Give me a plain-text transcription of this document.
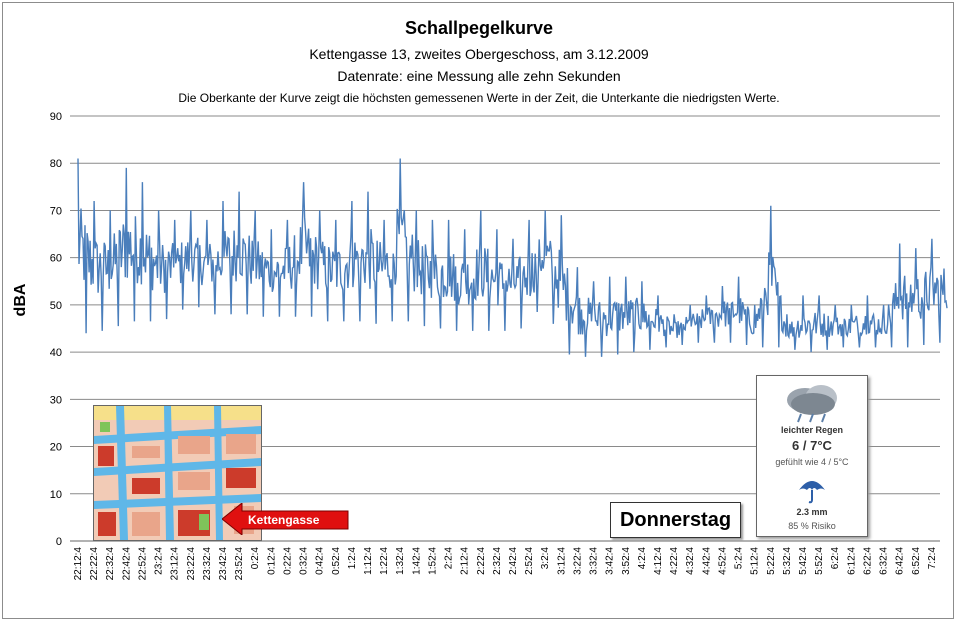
Schallpegelkurve
Kettengasse 13, zweites Obergeschoss, am 3.12.2009
Datenrate: eine Messung alle zehn Sekunden
Die Oberkante der Kurve zeigt die höchsten gemessenen Werte in der Zeit, die Unterkante die niedrigsten Werte.
dBA
0
10
20
30
40
50
60
70
80
90
22:12:4 22:22:4 22:32:4 22:42:4 22:52:4 23:2:4 23:12:4 23:22:4 23:32:4 23:42:4 23:52:4 0:2:4 0:12:4 0:22:4 0:32:4 0:42:4 0:52:4 1:2:4 1:12:4 1:22:4 1:32:4 1:42:4 1:52:4 2:2:4 2:12:4 2:22:4 2:32:4 2:42:4 2:52:4 3:2:4 3:12:4 3:22:4 3:32:4 3:42:4 3:52:4 4:2:4 4:12:4 4:22:4 4:32:4 4:42:4 4:52:4 5:2:4 5:12:4 5:22:4 5:32:4 5:42:4 5:52:4 6:2:4 6:12:4 6:22:4 6:32:4 6:42:4 6:52:4 7:2:4
Kettengasse	Donnerstag
leichter Regen
6 / 7°C
gefühlt wie 4 / 5°C
2.3 mm
85 % Risiko
